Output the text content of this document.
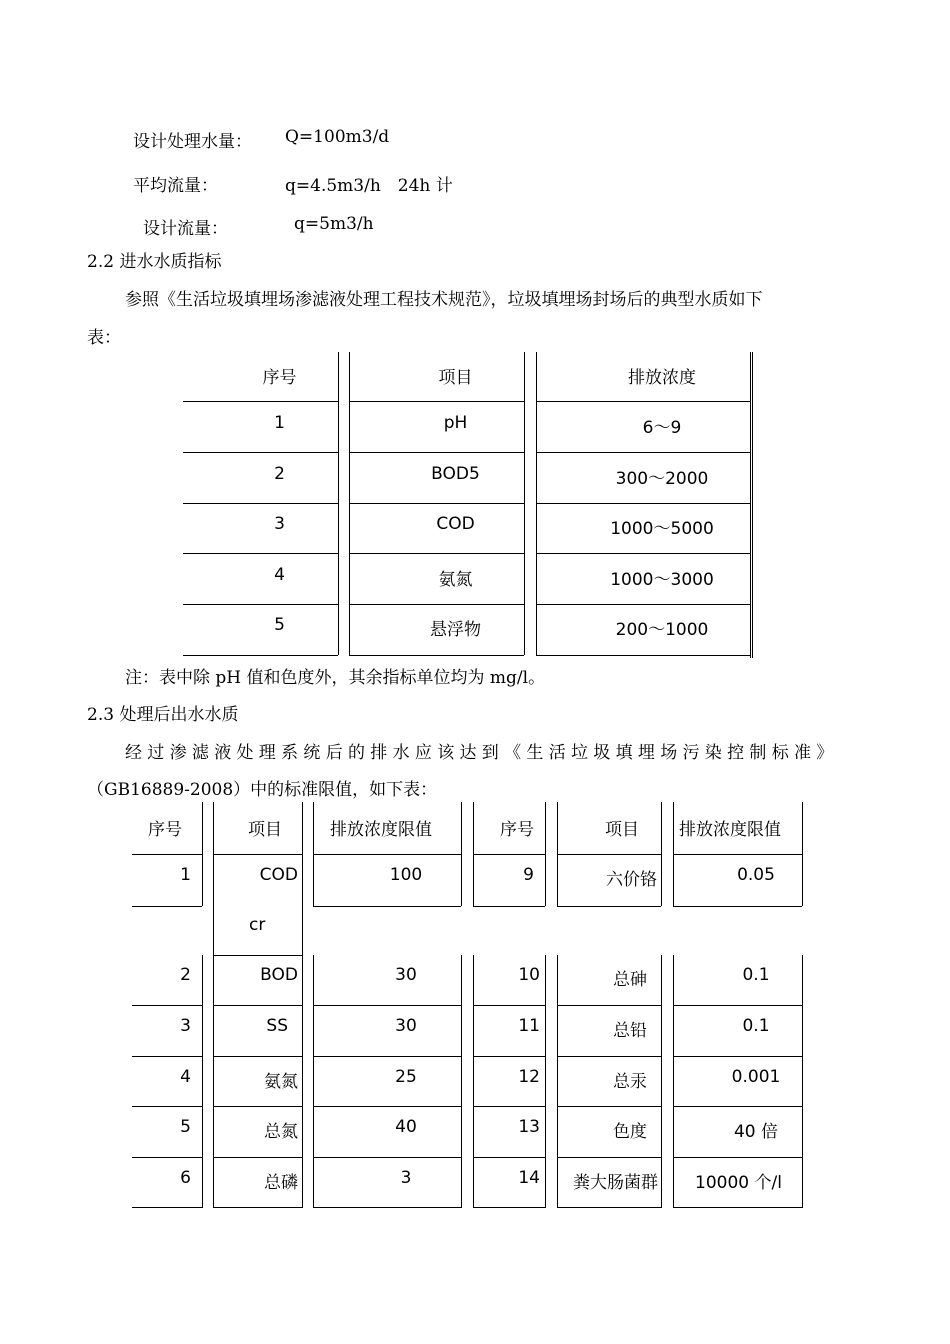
设计处理水量： Q=100m3/d
平均流量：	q=4.5m3/h　24h 计
设计流量：	q=5m3/h
2.2 进水水质指标
参照《生活垃圾填埋场渗滤液处理工程技术规范》，垃圾填埋场封场后的典型水质如下
表：
序号	项目	排放浓度
1	pH	6～9
2	BOD5	300～2000
3	COD	1000～5000
4	氨氮	1000～3000
5	悬浮物	200～1000
注：表中除 pH 值和色度外，其余指标单位均为 mg/l。
2.3 处理后出水水质
经过渗滤液处理系统后的排水应该达到《生活垃圾填埋场污染控制标准》
（GB16889-2008）中的标准限值，如下表：
序号	项目	排放浓度限值	序号	项目 排放浓度限值
1	COD	100	9	六价铬	0.05
cr
2	BOD	30	10	总砷	0.1
3	SS	30	11	总铅	0.1
4	氨氮	25	12	总汞	0.001
5	总氮	40	13	色度	40 倍
6	总磷	3	14	粪大肠菌群	10000 个/l
